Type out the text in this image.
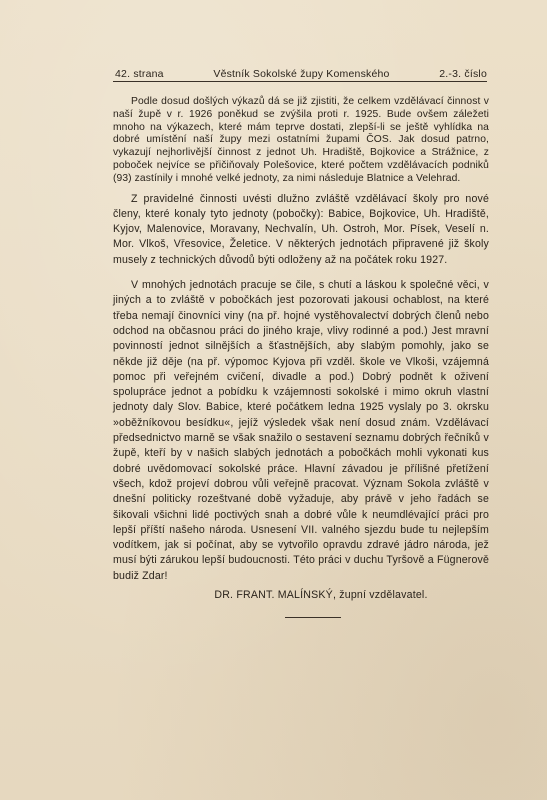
42. strana	Věstník Sokolské župy Komenského	2.-3. číslo

Podle dosud došlých výkazů dá se již zjistiti, že celkem vzdělávací činnost v naší župě v r. 1926 poněkud se zvýšila proti r. 1925. Bude ovšem záležeti mnoho na výkazech, které mám teprve dostati, zlepší-li se ještě vyhlídka na dobré umístění naší župy mezi ostatními župami ČOS. Jak dosud patrno, vykazují nejhorlivější činnost z jednot Uh. Hradiště, Bojkovice a Strážnice, z poboček nejvíce se přičiňovaly Polešovice, které počtem vzdělávacích podniků (93) zastínily i mnohé velké jednoty, za nimi následuje Blatnice a Velehrad.

Z pravidelné činnosti uvésti dlužno zvláště vzdělávací školy pro nové členy, které konaly tyto jednoty (pobočky): Babice, Bojkovice, Uh. Hradiště, Kyjov, Malenovice, Moravany, Nechvalín, Uh. Ostroh, Mor. Písek, Veselí n. Mor. Vlkoš, Vřesovice, Želetice. V některých jednotách připravené již školy musely z technických důvodů býti odloženy až na počátek roku 1927.

V mnohých jednotách pracuje se čile, s chutí a láskou k společné věci, v jiných a to zvláště v pobočkách jest pozorovati jakousi ochablost, na které třeba nemají činovníci viny (na př. hojné vystěhovalectví dobrých členů nebo odchod na občasnou práci do jiného kraje, vlivy rodinné a pod.) Jest mravní povinností jednot silnějších a šťastnějších, aby slabým pomohly, jako se někde již děje (na př. výpomoc Kyjova při vzděl. škole ve Vlkoši, vzájemná pomoc při veřejném cvičení, divadle a pod.) Dobrý podnět k oživení spolupráce jednot a pobídku k vzájemnosti sokolské i mimo okruh vlastní jednoty daly Slov. Babice, které počátkem ledna 1925 vyslaly po 3. okrsku »oběžníkovou besídku«, jejíž výsledek však není dosud znám. Vzdělávací předsednictvo marně se však snažilo o sestavení seznamu dobrých řečníků v župě, kteří by v našich slabých jednotách a pobočkách mohli vykonati kus dobré uvědomovací sokolské práce. Hlavní závadou je přílišné přetížení všech, kdož projeví dobrou vůli veřejně pracovat. Význam Sokola zvláště v dnešní politicky rozeštvané době vyžaduje, aby právě v jeho řadách se šikovali všichni lidé poctivých snah a dobré vůle k neumdlévající práci pro lepší příští našeho národa. Usnesení VII. valného sjezdu bude tu nejlepším vodítkem, jak si počínat, aby se vytvořilo opravdu zdravé jádro národa, jež musí býti zárukou lepší budoucnosti. Této práci v duchu Tyršově a Fügnerově budiž Zdar!

DR. FRANT. MALÍNSKÝ, župní vzdělavatel.
